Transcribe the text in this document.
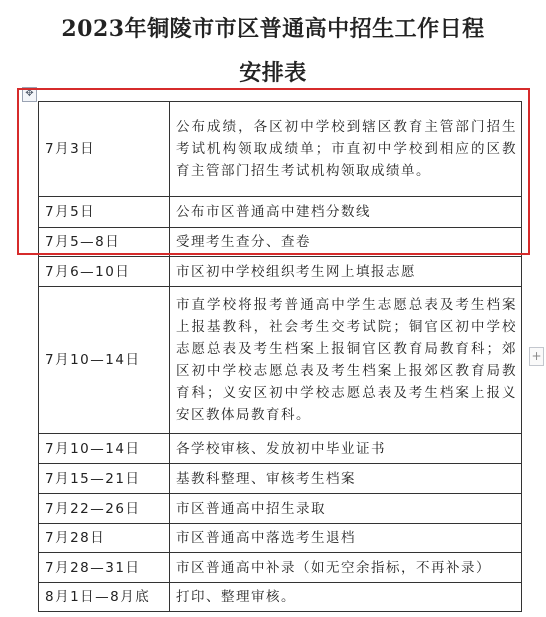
2023年铜陵市市区普通高中招生工作日程
安排表
✥
+
7月3日	公布成绩，各区初中学校到辖区教育主管部门招生考试机构领取成绩单；市直初中学校到相应的区教育主管部门招生考试机构领取成绩单。
7月5日	公布市区普通高中建档分数线
7月5—8日	受理考生查分、查卷
7月6—10日	市区初中学校组织考生网上填报志愿
7月10—14日	市直学校将报考普通高中学生志愿总表及考生档案上报基教科，社会考生交考试院；铜官区初中学校志愿总表及考生档案上报铜官区教育局教育科；郊区初中学校志愿总表及考生档案上报郊区教育局教育科；义安区初中学校志愿总表及考生档案上报义安区教体局教育科。
7月10—14日	各学校审核、发放初中毕业证书
7月15—21日	基教科整理、审核考生档案
7月22—26日	市区普通高中招生录取
7月28日	市区普通高中落选考生退档
7月28—31日	市区普通高中补录（如无空余指标，不再补录）
8月1日—8月底	打印、整理审核。
